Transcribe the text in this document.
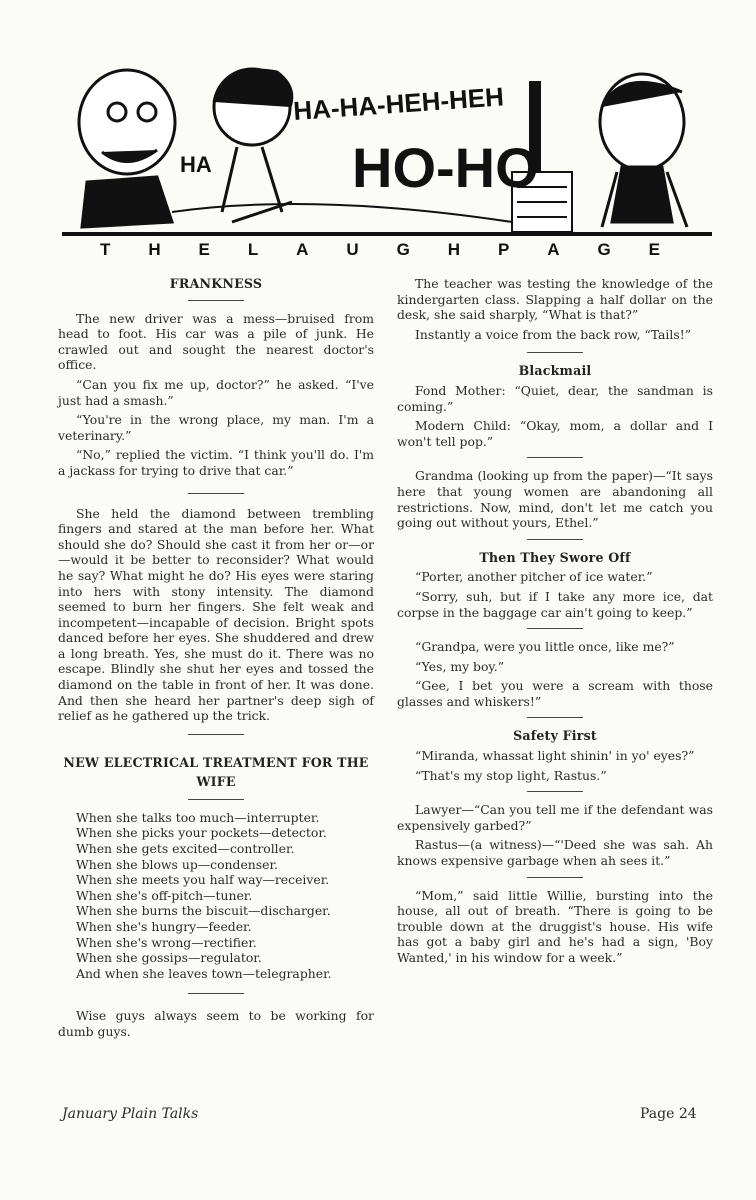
HA
HA-HA-HEH-HEH
HO-HO
T H E L A U G H P A G E
FRANKNESS

The new driver was a mess—bruised from head to foot. His car was a pile of junk. He crawled out and sought the nearest doctor's office.

“Can you fix me up, doctor?” he asked. “I've just had a smash.”

“You're in the wrong place, my man. I'm a veterinary.”

“No,” replied the victim. “I think you'll do. I'm a jackass for trying to drive that car.”

She held the diamond between trembling fingers and stared at the man before her. What should she do? Should she cast it from her or—or—would it be better to reconsider? What would he say? What might he do? His eyes were staring into hers with stony intensity. The diamond seemed to burn her fingers. She felt weak and incompetent—incapable of decision. Bright spots danced before her eyes. She shuddered and drew a long breath. Yes, she must do it. There was no escape. Blindly she shut her eyes and tossed the diamond on the table in front of her. It was done. And then she heard her partner's deep sigh of relief as he gathered up the trick.

NEW ELECTRICAL TREATMENT FOR THE WIFE
When she talks too much—interrupter.
When she picks your pockets—detector.
When she gets excited—controller.
When she blows up—condenser.
When she meets you half way—receiver.
When she's off-pitch—tuner.
When she burns the biscuit—discharger.
When she's hungry—feeder.
When she's wrong—rectifier.
When she gossips—regulator.
And when she leaves town—telegrapher.

Wise guys always seem to be working for dumb guys.

The teacher was testing the knowledge of the kindergarten class. Slapping a half dollar on the desk, she said sharply, “What is that?”

Instantly a voice from the back row, “Tails!”

Blackmail

Fond Mother: “Quiet, dear, the sandman is coming.”

Modern Child: “Okay, mom, a dollar and I won't tell pop.”

Grandma (looking up from the paper)—“It says here that young women are abandoning all restrictions. Now, mind, don't let me catch you going out without yours, Ethel.”

Then They Swore Off

“Porter, another pitcher of ice water.”

“Sorry, suh, but if I take any more ice, dat corpse in the baggage car ain't going to keep.”

“Grandpa, were you little once, like me?”

“Yes, my boy.”

“Gee, I bet you were a scream with those glasses and whiskers!”

Safety First

“Miranda, whassat light shinin' in yo' eyes?”

“That's my stop light, Rastus.”

Lawyer—“Can you tell me if the defendant was expensively garbed?”

Rastus—(a witness)—“'Deed she was sah. Ah knows expensive garbage when ah sees it.”

“Mom,” said little Willie, bursting into the house, all out of breath. “There is going to be trouble down at the druggist's house. His wife has got a baby girl and he's had a sign, 'Boy Wanted,' in his window for a week.”

January Plain Talks	Page 24
